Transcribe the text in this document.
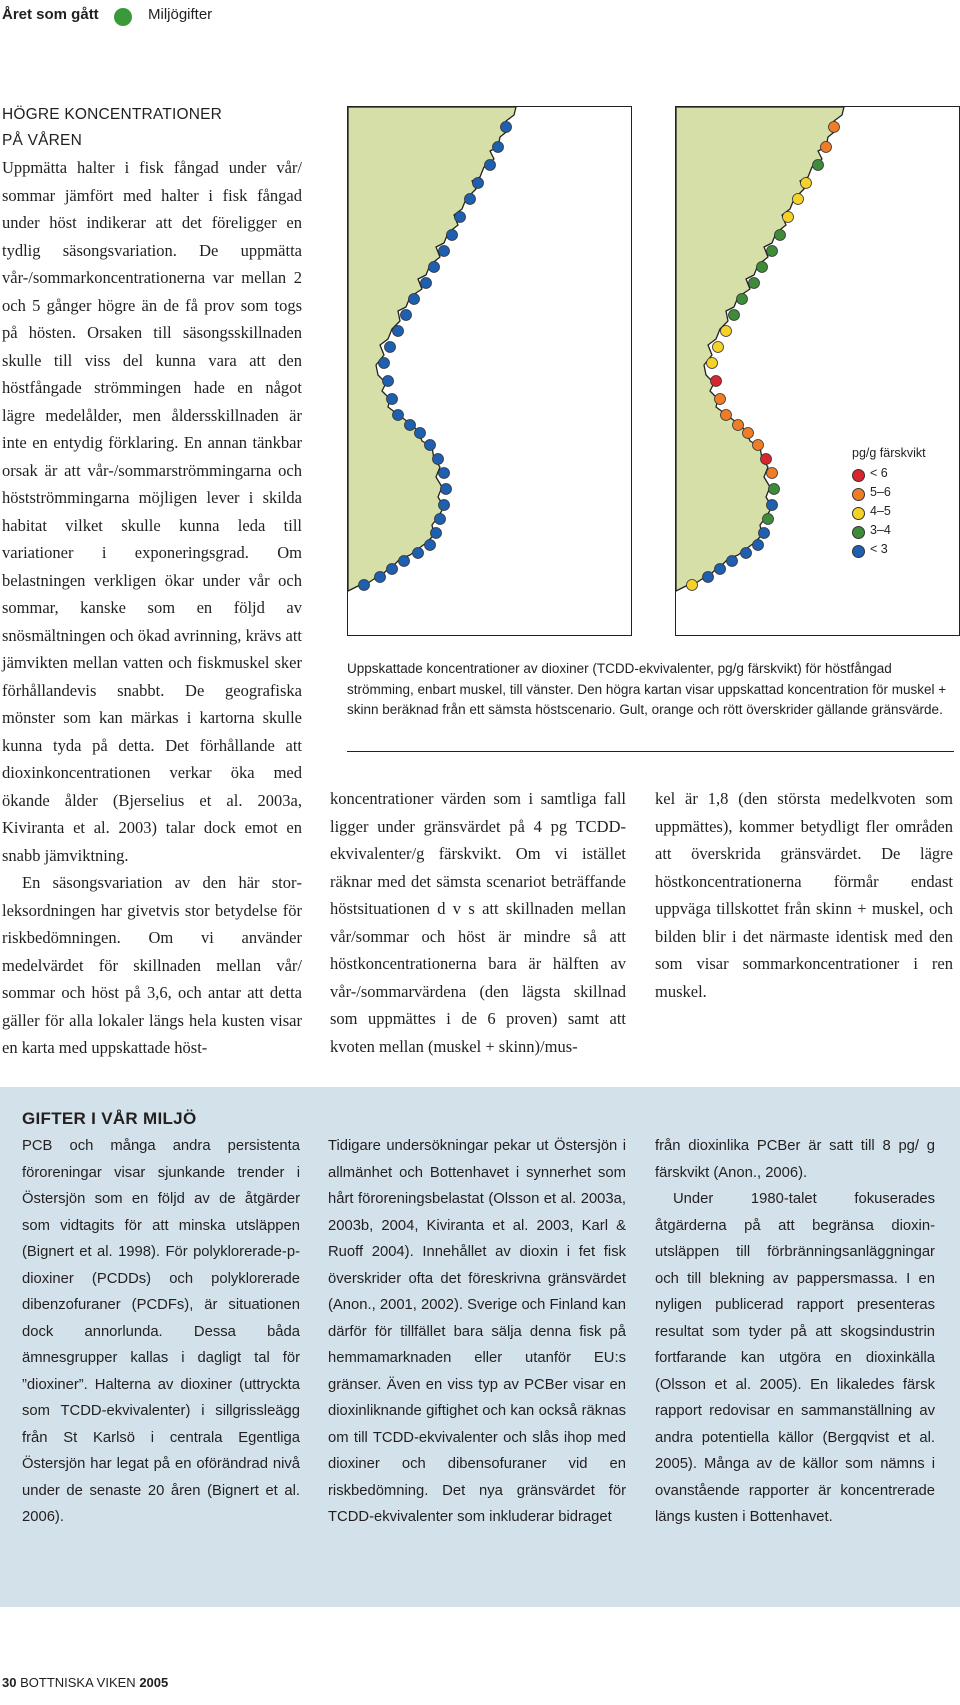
Året som gått	Miljögifter
HÖGRE KONCENTRATIONER
PÅ VÅREN

Uppmätta halter i fisk fångad under vår/ sommar jämfört med halter i fisk fångad under höst indikerar att det föreligger en tydlig säsongsvariation. De uppmätta vår-/sommarkoncentrationerna var mellan 2 och 5 gånger högre än de få prov som togs på hösten. Orsaken till säsongsskillnaden skulle till viss del kunna vara att den höstfångade strömmingen hade en något lägre medelålder, men åldersskillnaden är inte en entydig förklaring. En annan tänkbar orsak är att vår-/sommarströmmingarna och höstströmmingarna möjligen lever i skilda habitat vilket skulle kunna leda till variationer i exponeringsgrad. Om belastningen verkligen ökar under vår och sommar, kanske som en följd av snösmältningen och ökad avrinning, krävs att jämvikten mellan vatten och fiskmuskel sker förhållandevis snabbt. De geografiska mönster som kan märkas i kartorna skulle kunna tyda på detta. Det förhållande att dioxinkoncentrationen verkar öka med ökande ålder (Bjerselius et al. 2003a, Kiviranta et al. 2003) talar dock emot en snabb jämviktning.

En säsongsvariation av den här storleksordningen har givetvis stor betydelse för riskbedömningen. Om vi använder medelvärdet för skillnaden mellan vår/ sommar och höst på 3,6, och antar att detta gäller för alla lokaler längs hela kusten visar en karta med uppskattade höst-

pg/g färskvikt
< 6
5–6
4–5
3–4
< 3
Uppskattade koncentrationer av dioxiner (TCDD-ekvivalenter, pg/g färskvikt) för höstfångad strömming, enbart muskel, till vänster. Den högra kartan visar uppskattad koncentration för muskel + skinn beräknad från ett sämsta höstscenario. Gult, orange och rött överskrider gällande gränsvärde.

koncentrationer värden som i samtliga fall ligger under gränsvärdet på 4 pg TCDD-ekvivalenter/g färskvikt. Om vi istället räknar med det sämsta scenariot beträffande höstsituationen d v s att skillnaden mellan vår/sommar och höst är mindre så att höstkoncentrationerna bara är hälften av vår-/sommarvärdena (den lägsta skillnad som uppmättes i de 6 proven) samt att kvoten mellan (muskel + skinn)/mus-

kel är 1,8 (den största medelkvoten som uppmättes), kommer betydligt fler områden att överskrida gränsvärdet. De lägre höstkoncentrationerna förmår endast uppväga tillskottet från skinn + muskel, och bilden blir i det närmaste identisk med den som visar sommarkoncentrationer i ren muskel.

GIFTER I VÅR MILJÖ

PCB och många andra persistenta föroreningar visar sjunkande trender i Östersjön som en följd av de åtgärder som vidtagits för att minska utsläppen (Bignert et al. 1998). För polyklorerade-p-dioxiner (PCDDs) och polyklorerade dibenzofuraner (PCDFs), är situationen dock annorlunda. Dessa båda ämnesgrupper kallas i dagligt tal för ”dioxiner”. Halterna av dioxiner (uttryckta som TCDD-ekvivalenter) i sillgrissleägg från St Karlsö i centrala Egentliga Östersjön har legat på en oförändrad nivå under de senaste 20 åren (Bignert et al. 2006).

Tidigare undersökningar pekar ut Östersjön i allmänhet och Bottenhavet i synnerhet som hårt föroreningsbelastat (Olsson et al. 2003a, 2003b, 2004, Kiviranta et al. 2003, Karl & Ruoff 2004). Innehållet av dioxin i fet fisk överskrider ofta det föreskrivna gränsvärdet (Anon., 2001, 2002). Sverige och Finland kan därför för tillfället bara sälja denna fisk på hemmamarknaden eller utanför EU:s gränser. Även en viss typ av PCBer visar en dioxinliknande giftighet och kan också räknas om till TCDD-ekvivalenter och slås ihop med dioxiner och dibensofuraner vid en riskbedömning. Det nya gränsvärdet för TCDD-ekvivalenter som inkluderar bidraget

från dioxinlika PCBer är satt till 8 pg/ g färskvikt (Anon., 2006).

Under 1980-talet fokuserades åtgärderna på att begränsa dioxinutsläppen till förbränningsanläggningar och till blekning av pappersmassa. I en nyligen publicerad rapport presenteras resultat som tyder på att skogsindustrin fortfarande kan utgöra en dioxinkälla (Olsson et al. 2005). En likaledes färsk rapport redovisar en sammanställning av andra potentiella källor (Bergqvist et al. 2005). Många av de källor som nämns i ovanstående rapporter är koncentrerade längs kusten i Bottenhavet.

30 BOTTNISKA VIKEN 2005
